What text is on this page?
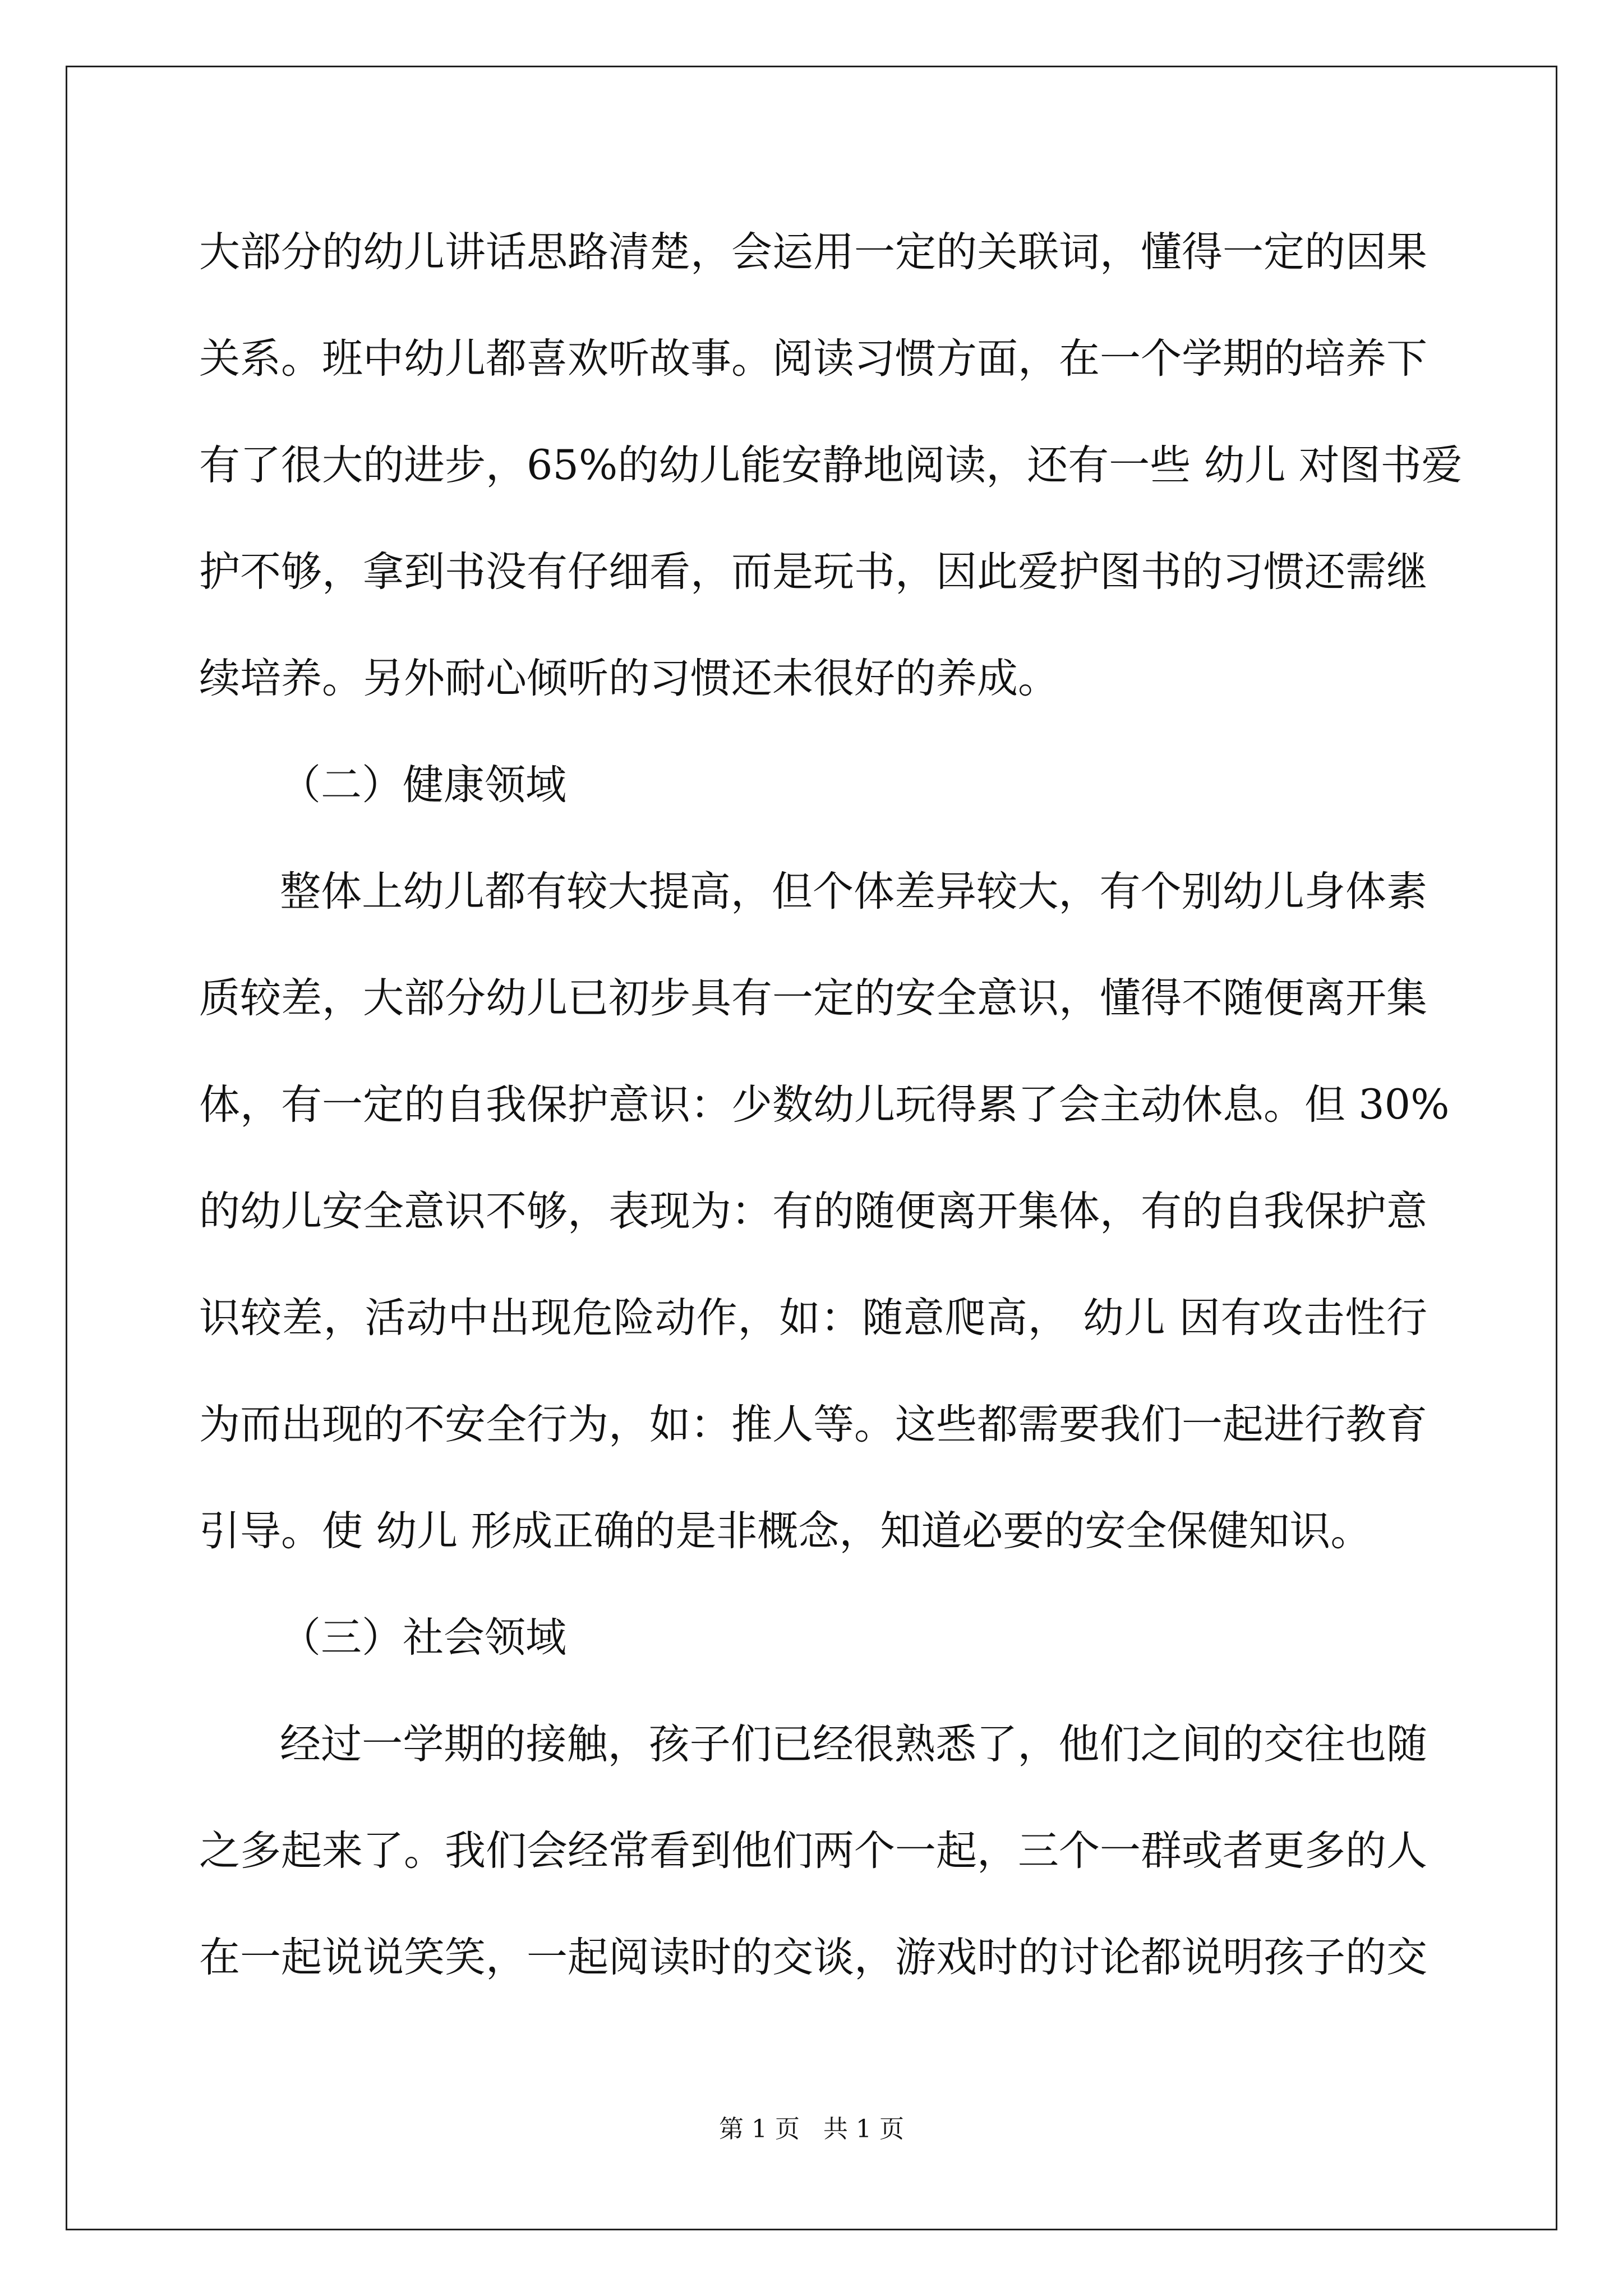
大部分的幼儿讲话思路清楚，会运用一定的关联词，懂得一定的因果
关系。班中幼儿都喜欢听故事。阅读习惯方面，在一个学期的培养下
有了很大的进步，65%的幼儿能安静地阅读，还有一些 幼儿 对图书爱
护不够，拿到书没有仔细看，而是玩书，因此爱护图书的习惯还需继
续培养。另外耐心倾听的习惯还未很好的养成。
（二）健康领域
整体上幼儿都有较大提高，但个体差异较大，有个别幼儿身体素
质较差，大部分幼儿已初步具有一定的安全意识，懂得不随便离开集
体，有一定的自我保护意识：少数幼儿玩得累了会主动休息。但 30%
的幼儿安全意识不够，表现为：有的随便离开集体，有的自我保护意
识较差，活动中出现危险动作，如：随意爬高， 幼儿 因有攻击性行
为而出现的不安全行为，如：推人等。这些都需要我们一起进行教育
引导。使 幼儿 形成正确的是非概念，知道必要的安全保健知识。
（三）社会领域
经过一学期的接触，孩子们已经很熟悉了，他们之间的交往也随
之多起来了。我们会经常看到他们两个一起，三个一群或者更多的人
在一起说说笑笑，一起阅读时的交谈，游戏时的讨论都说明孩子的交
第 1 页 共 1 页
